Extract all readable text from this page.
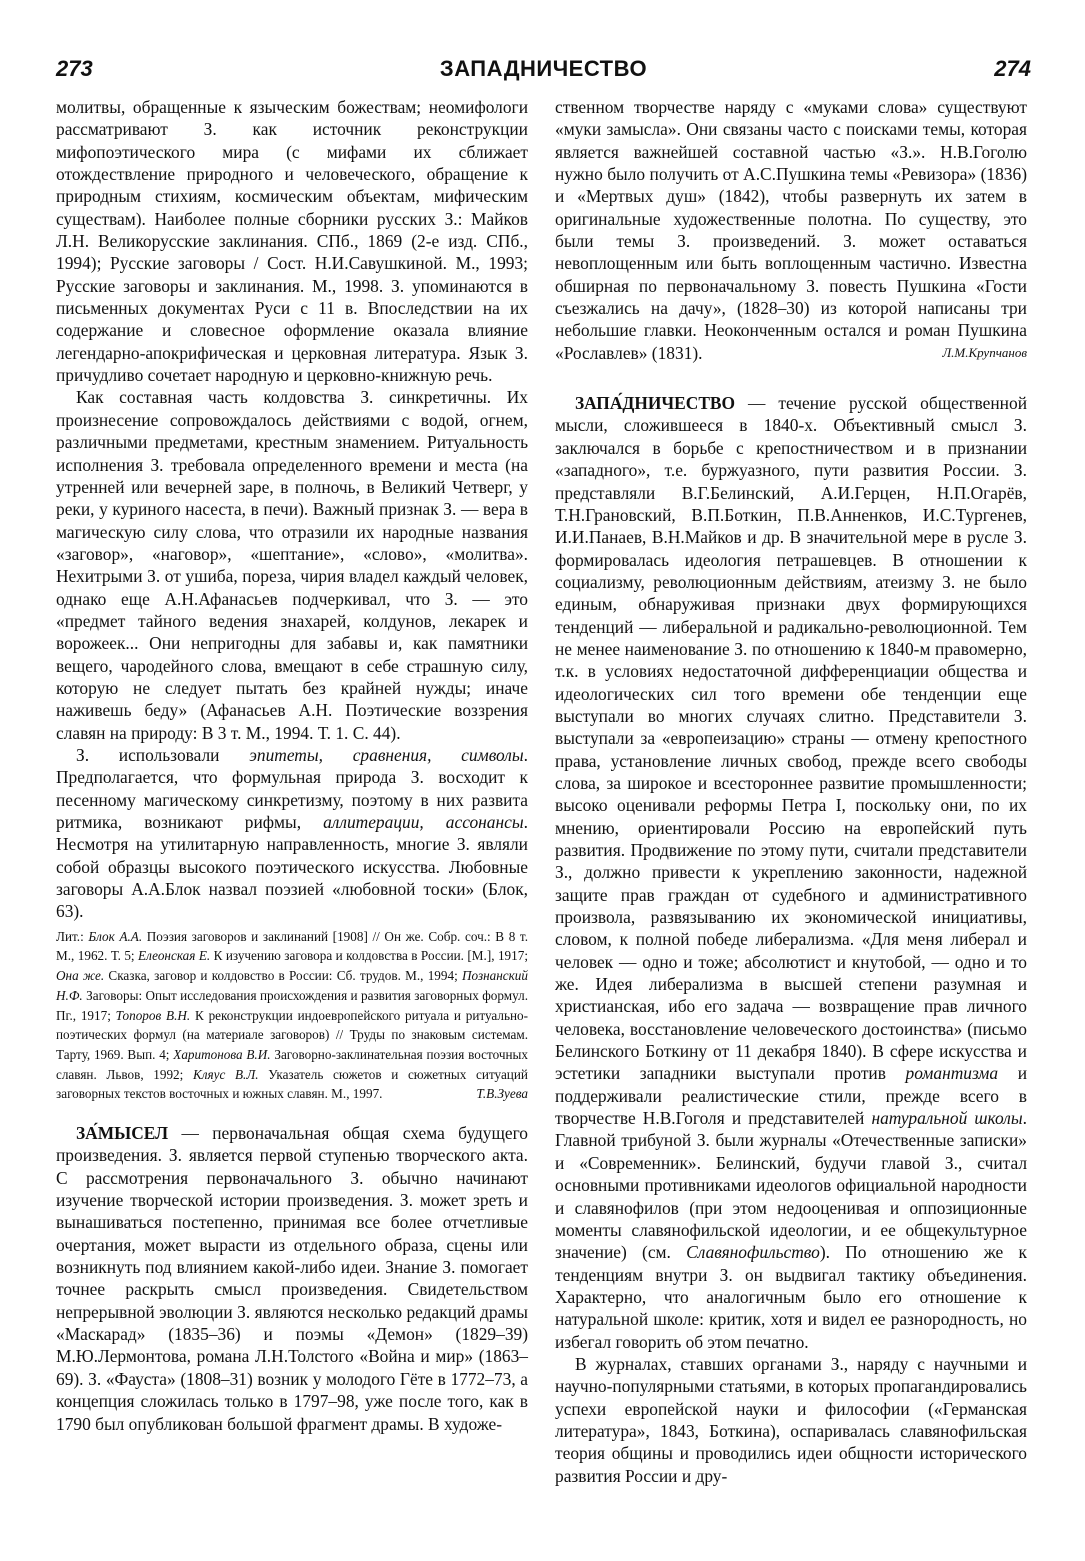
273	ЗАПАДНИЧЕСТВО	274

молитвы, обращенные к языческим божествам; неомифологи рассматривают З. как источник реконструкции мифопоэтического мира (с мифами их сближает отождествление природного и человеческого, обращение к природным стихиям, космическим объектам, мифическим существам). Наиболее полные сборники русских З.: Майков Л.Н. Великорусские заклинания. СПб., 1869 (2-е изд. СПб., 1994); Русские заговоры / Сост. Н.И.Савушкиной. М., 1993; Русские заговоры и заклинания. М., 1998. З. упоминаются в письменных документах Руси с 11 в. Впоследствии на их содержание и словесное оформление оказала влияние легендарно-апокрифическая и церковная литература. Язык З. причудливо сочетает народную и церковно-книжную речь.

Как составная часть колдовства З. синкретичны. Их произнесение сопровождалось действиями с водой, огнем, различными предметами, крестным знамением. Ритуальность исполнения З. требовала определенного времени и места (на утренней или вечерней заре, в полночь, в Великий Четверг, у реки, у куриного насеста, в печи). Важный признак З. — вера в магическую силу слова, что отразили их народные названия «заговор», «наговор», «шептание», «слово», «молитва». Нехитрыми З. от ушиба, пореза, чирия владел каждый человек, однако еще А.Н.Афанасьев подчеркивал, что З. — это «предмет тайного ведения знахарей, колдунов, лекарек и ворожеек... Они непригодны для забавы и, как памятники вещего, чародейного слова, вмещают в себе страшную силу, которую не следует пытать без крайней нужды; иначе наживешь беду» (Афанасьев А.Н. Поэтические воззрения славян на природу: В 3 т. М., 1994. Т. 1. С. 44).

З. использовали эпитеты, сравнения, символы. Предполагается, что формульная природа З. восходит к песенному магическому синкретизму, поэтому в них развита ритмика, возникают рифмы, аллитерации, ассонансы. Несмотря на утилитарную направленность, многие З. являли собой образцы высокого поэтического искусства. Любовные заговоры А.А.Блок назвал поэзией «любовной тоски» (Блок, 63).

Лит.: Блок А.А. Поэзия заговоров и заклинаний [1908] // Он же. Собр. соч.: В 8 т. М., 1962. Т. 5; Елеонская Е. К изучению заговора и колдовства в России. [М.], 1917; Она же. Сказка, заговор и колдовство в России: Сб. трудов. М., 1994; Познанский Н.Ф. Заговоры: Опыт исследования происхождения и развития заговорных формул. Пг., 1917; Топоров В.Н. К реконструкции индоевропейского ритуала и ритуально-поэтических формул (на материале заговоров) // Труды по знаковым системам. Тарту, 1969. Вып. 4; Харитонова В.И. Заговорно-заклинательная поэзия восточных славян. Львов, 1992; Кляус В.Л. Указатель сюжетов и сюжетных ситуаций заговорных текстов восточных и южных славян. М., 1997.	Т.В.Зуева

ЗА́МЫСЕЛ — первоначальная общая схема будущего произведения. З. является первой ступенью творческого акта. С рассмотрения первоначального З. обычно начинают изучение творческой истории произведения. З. может зреть и вынашиваться постепенно, принимая все более отчетливые очертания, может вырасти из отдельного образа, сцены или возникнуть под влиянием какой-либо идеи. Знание З. помогает точнее раскрыть смысл произведения. Свидетельством непрерывной эволюции З. являются несколько редакций драмы «Маскарад» (1835–36) и поэмы «Демон» (1829–39) М.Ю.Лермонтова, романа Л.Н.Толстого «Война и мир» (1863–69). З. «Фауста» (1808–31) возник у молодого Гёте в 1772–73, а концепция сложилась только в 1797–98, уже после того, как в 1790 был опубликован большой фрагмент драмы. В художе-

ственном творчестве наряду с «муками слова» существуют «муки замысла». Они связаны часто с поисками темы, которая является важнейшей составной частью «З.». Н.В.Гоголю нужно было получить от А.С.Пушкина темы «Ревизора» (1836) и «Мертвых душ» (1842), чтобы развернуть их затем в оригинальные художественные полотна. По существу, это были темы З. произведений. З. может оставаться невоплощенным или быть воплощенным частично. Известна обширная по первоначальному З. повесть Пушкина «Гости съезжались на дачу», (1828–30) из которой написаны три небольшие главки. Неоконченным остался и роман Пушкина «Рославлев» (1831).	Л.М.Крупчанов

ЗАПА́ДНИЧЕСТВО — течение русской общественной мысли, сложившееся в 1840-х. Объективный смысл З. заключался в борьбе с крепостничеством и в признании «западного», т.е. буржуазного, пути развития России. З. представляли В.Г.Белинский, А.И.Герцен, Н.П.Огарёв, Т.Н.Грановский, В.П.Боткин, П.В.Анненков, И.С.Тургенев, И.И.Панаев, В.Н.Майков и др. В значительной мере в русле З. формировалась идеология петрашевцев. В отношении к социализму, революционным действиям, атеизму З. не было единым, обнаруживая признаки двух формирующихся тенденций — либеральной и радикально-революционной. Тем не менее наименование З. по отношению к 1840-м правомерно, т.к. в условиях недостаточной дифференциации общества и идеологических сил того времени обе тенденции еще выступали во многих случаях слитно. Представители З. выступали за «европеизацию» страны — отмену крепостного права, установление личных свобод, прежде всего свободы слова, за широкое и всестороннее развитие промышленности; высоко оценивали реформы Петра I, поскольку они, по их мнению, ориентировали Россию на европейский путь развития. Продвижение по этому пути, считали представители З., должно привести к укреплению законности, надежной защите прав граждан от судебного и административного произвола, развязыванию их экономической инициативы, словом, к полной победе либерализма. «Для меня либерал и человек — одно и тоже; абсолютист и кнутобой, — одно и то же. Идея либерализма в высшей степени разумная и христианская, ибо его задача — возвращение прав личного человека, восстановление человеческого достоинства» (письмо Белинского Боткину от 11 декабря 1840). В сфере искусства и эстетики западники выступали против романтизма и поддерживали реалистические стили, прежде всего в творчестве Н.В.Гоголя и представителей натуральной школы. Главной трибуной З. были журналы «Отечественные записки» и «Современник». Белинский, будучи главой З., считал основными противниками идеологов официальной народности и славянофилов (при этом недооценивая и оппозиционные моменты славянофильской идеологии, и ее общекультурное значение) (см. Славянофильство). По отношению же к тенденциям внутри З. он выдвигал тактику объединения. Характерно, что аналогичным было его отношение к натуральной школе: критик, хотя и видел ее разнородность, но избегал говорить об этом печатно.

В журналах, ставших органами З., наряду с научными и научно-популярными статьями, в которых пропагандировались успехи европейской науки и философии («Германская литература», 1843, Боткина), оспаривалась славянофильская теория общины и проводились идеи общности исторического развития России и дру-
